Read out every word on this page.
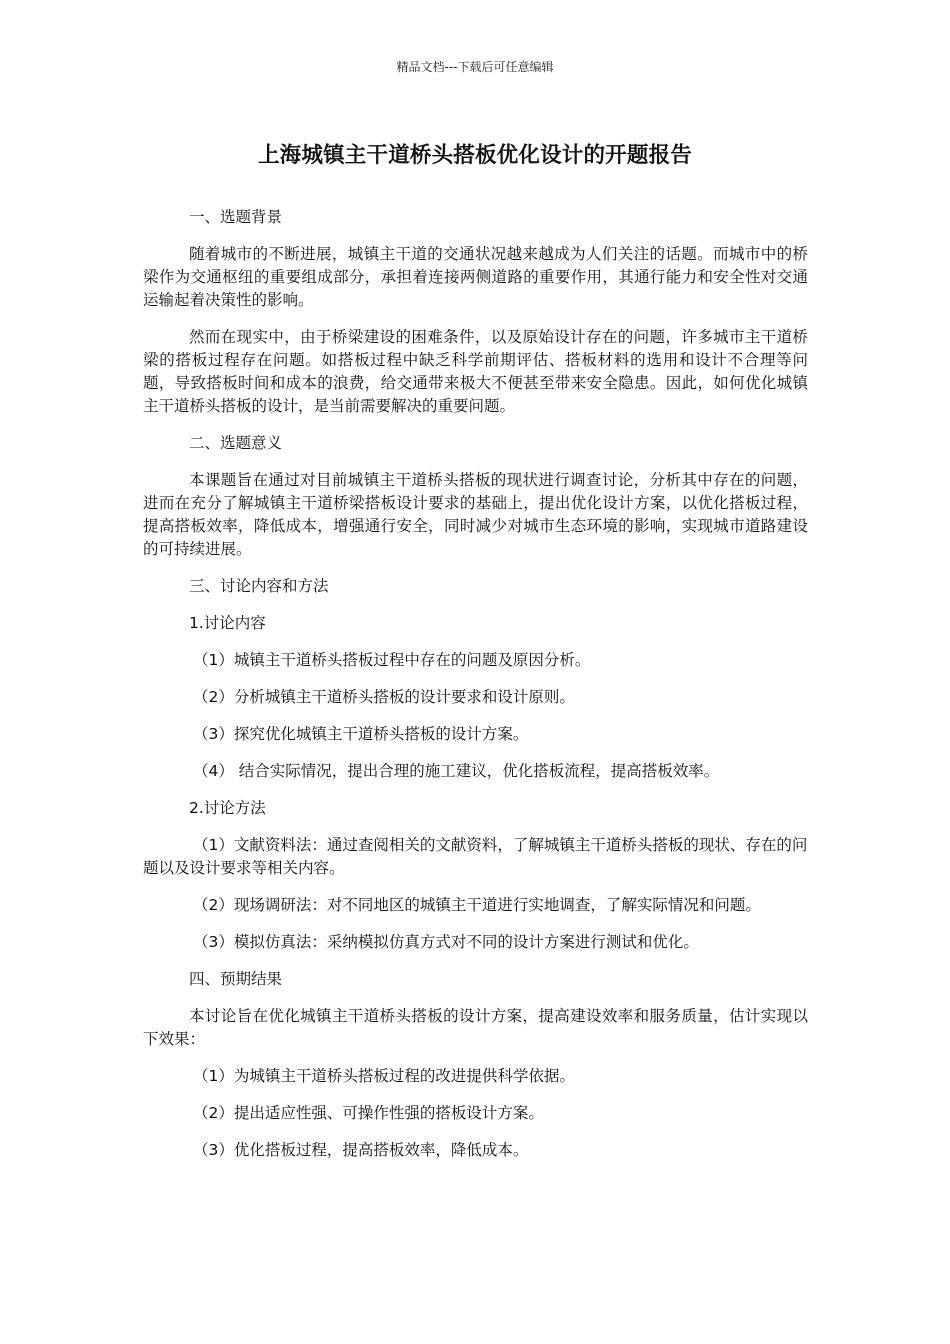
精品文档---下载后可任意编辑
上海城镇主干道桥头搭板优化设计的开题报告

一、选题背景

随着城市的不断进展，城镇主干道的交通状况越来越成为人们关注的话题。而城市中的桥梁作为交通枢纽的重要组成部分，承担着连接两侧道路的重要作用，其通行能力和安全性对交通运输起着决策性的影响。

然而在现实中，由于桥梁建设的困难条件，以及原始设计存在的问题，许多城市主干道桥梁的搭板过程存在问题。如搭板过程中缺乏科学前期评估、搭板材料的选用和设计不合理等问题，导致搭板时间和成本的浪费，给交通带来极大不便甚至带来安全隐患。因此，如何优化城镇主干道桥头搭板的设计，是当前需要解决的重要问题。

二、选题意义

本课题旨在通过对目前城镇主干道桥头搭板的现状进行调查讨论，分析其中存在的问题，进而在充分了解城镇主干道桥梁搭板设计要求的基础上，提出优化设计方案，以优化搭板过程，提高搭板效率，降低成本，增强通行安全，同时减少对城市生态环境的影响，实现城市道路建设的可持续进展。

三、讨论内容和方法

1.讨论内容

（1）城镇主干道桥头搭板过程中存在的问题及原因分析。

（2）分析城镇主干道桥头搭板的设计要求和设计原则。

（3）探究优化城镇主干道桥头搭板的设计方案。

（4） 结合实际情况，提出合理的施工建议，优化搭板流程，提高搭板效率。

2.讨论方法

（1）文献资料法：通过查阅相关的文献资料，了解城镇主干道桥头搭板的现状、存在的问题以及设计要求等相关内容。

（2）现场调研法：对不同地区的城镇主干道进行实地调查，了解实际情况和问题。

（3）模拟仿真法：采纳模拟仿真方式对不同的设计方案进行测试和优化。

四、预期结果

本讨论旨在优化城镇主干道桥头搭板的设计方案，提高建设效率和服务质量，估计实现以下效果：

（1）为城镇主干道桥头搭板过程的改进提供科学依据。

（2）提出适应性强、可操作性强的搭板设计方案。

（3）优化搭板过程，提高搭板效率，降低成本。
